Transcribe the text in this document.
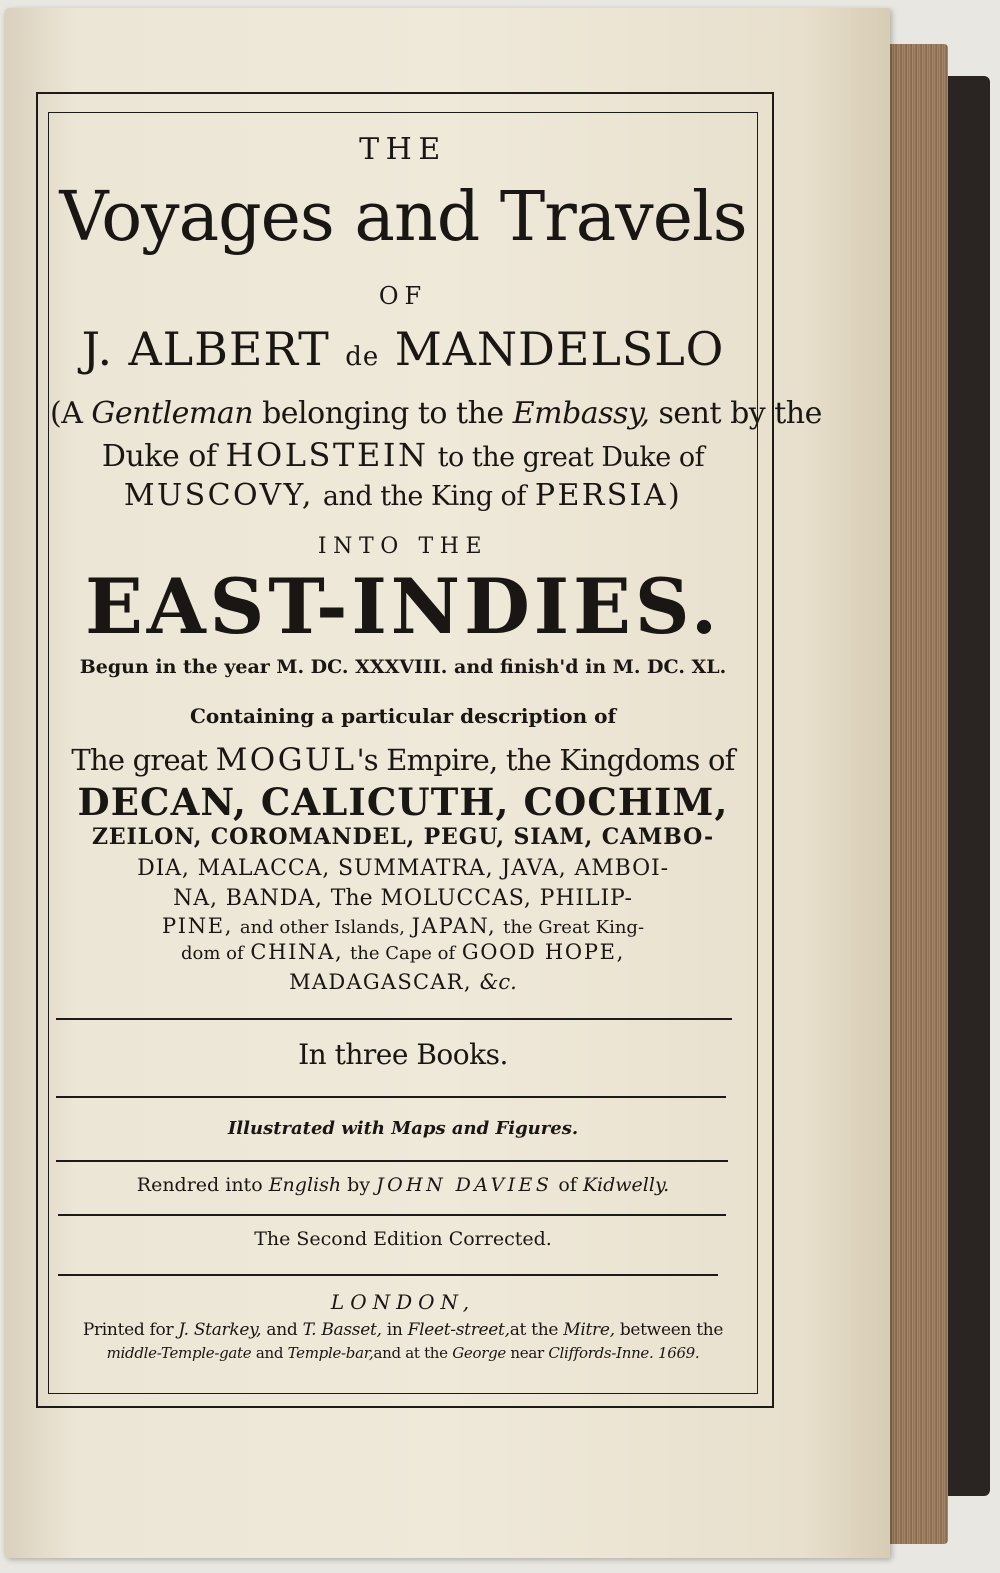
THE
Voyages and Travels
OF
J. ALBERT de MANDELSLO
(A Gentleman belonging to the Embassy, sent by the
Duke of HOLSTEIN to the great Duke of
MUSCOVY, and the King of PERSIA)
INTO THE
EAST-INDIES.
Begun in the year M. DC. XXXVIII. and finish'd in M. DC. XL.
Containing a particular description of
The great MOGUL's Empire, the Kingdoms of
DECAN, CALICUTH, COCHIM,
ZEILON, COROMANDEL, PEGU, SIAM, CAMBO-
DIA, MALACCA, SUMMATRA, JAVA, AMBOI-
NA, BANDA, The MOLUCCAS, PHILIP-
PINE, and other Islands, JAPAN, the Great King-
dom of CHINA, the Cape of GOOD HOPE,
MADAGASCAR, &c.
In three Books.
Illustrated with Maps and Figures.
Rendred into English by JOHN DAVIES of Kidwelly.
The Second Edition Corrected.
LONDON,
Printed for J. Starkey, and T. Basset, in Fleet-street,at the Mitre, between the
middle-Temple-gate and Temple-bar,and at the George near Cliffords-Inne. 1669.
